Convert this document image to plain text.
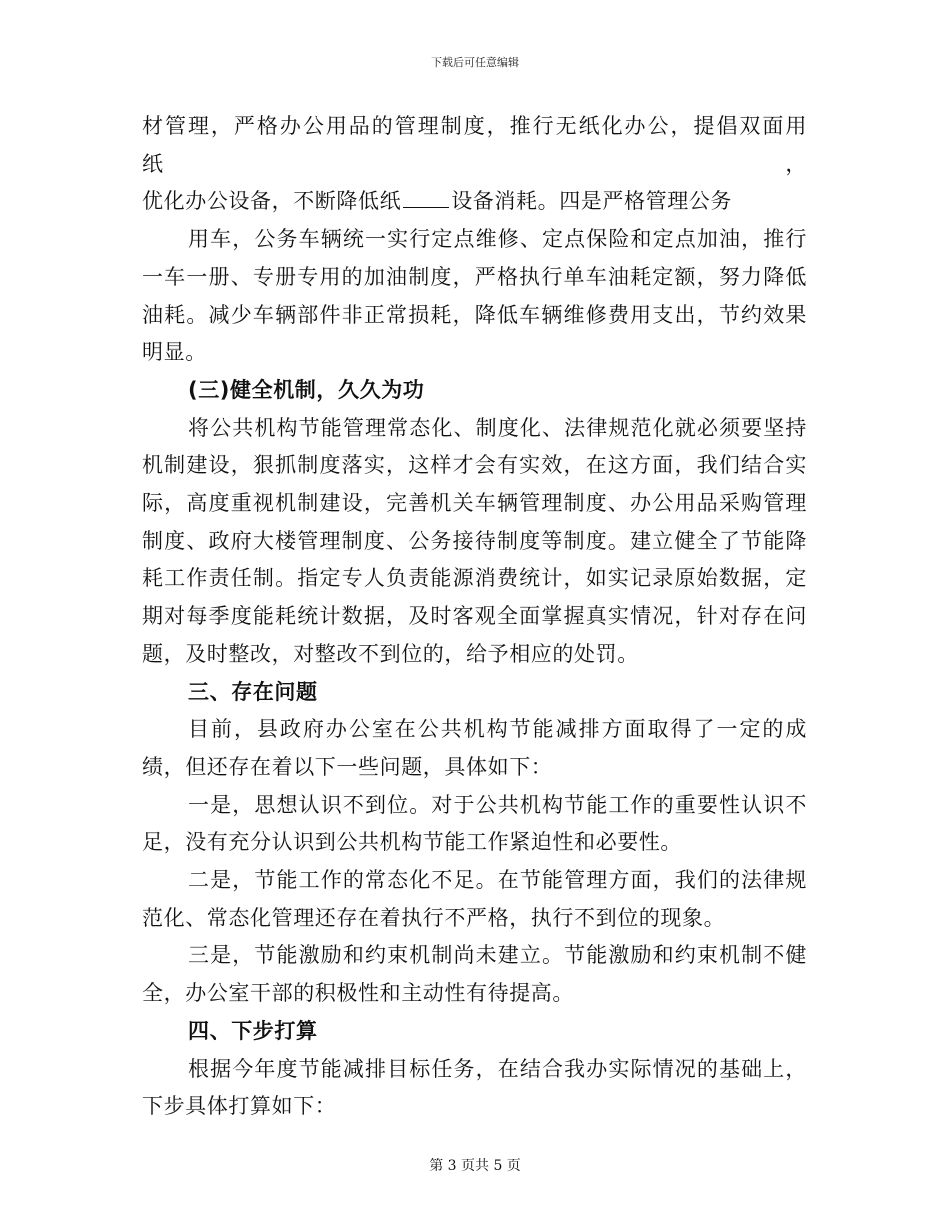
下载后可任意编辑

材管理，严格办公用品的管理制度，推行无纸化办公，提倡双面用纸，

优化办公设备，不断降低纸 设备消耗。四是严格管理公务

用车，公务车辆统一实行定点维修、定点保险和定点加油，推行一车一册、专册专用的加油制度，严格执行单车油耗定额，努力降低油耗。减少车辆部件非正常损耗，降低车辆维修费用支出，节约效果明显。

(三)健全机制，久久为功

将公共机构节能管理常态化、制度化、法律规范化就必须要坚持机制建设，狠抓制度落实，这样才会有实效，在这方面，我们结合实际，高度重视机制建设，完善机关车辆管理制度、办公用品采购管理制度、政府大楼管理制度、公务接待制度等制度。建立健全了节能降耗工作责任制。指定专人负责能源消费统计，如实记录原始数据，定期对每季度能耗统计数据，及时客观全面掌握真实情况，针对存在问题，及时整改，对整改不到位的，给予相应的处罚。

三、存在问题

目前，县政府办公室在公共机构节能减排方面取得了一定的成绩，但还存在着以下一些问题，具体如下：

一是，思想认识不到位。对于公共机构节能工作的重要性认识不足，没有充分认识到公共机构节能工作紧迫性和必要性。

二是，节能工作的常态化不足。在节能管理方面，我们的法律规范化、常态化管理还存在着执行不严格，执行不到位的现象。

三是，节能激励和约束机制尚未建立。节能激励和约束机制不健全，办公室干部的积极性和主动性有待提高。

四、下步打算

根据今年度节能减排目标任务，在结合我办实际情况的基础上，下步具体打算如下：

第 3 页共 5 页
